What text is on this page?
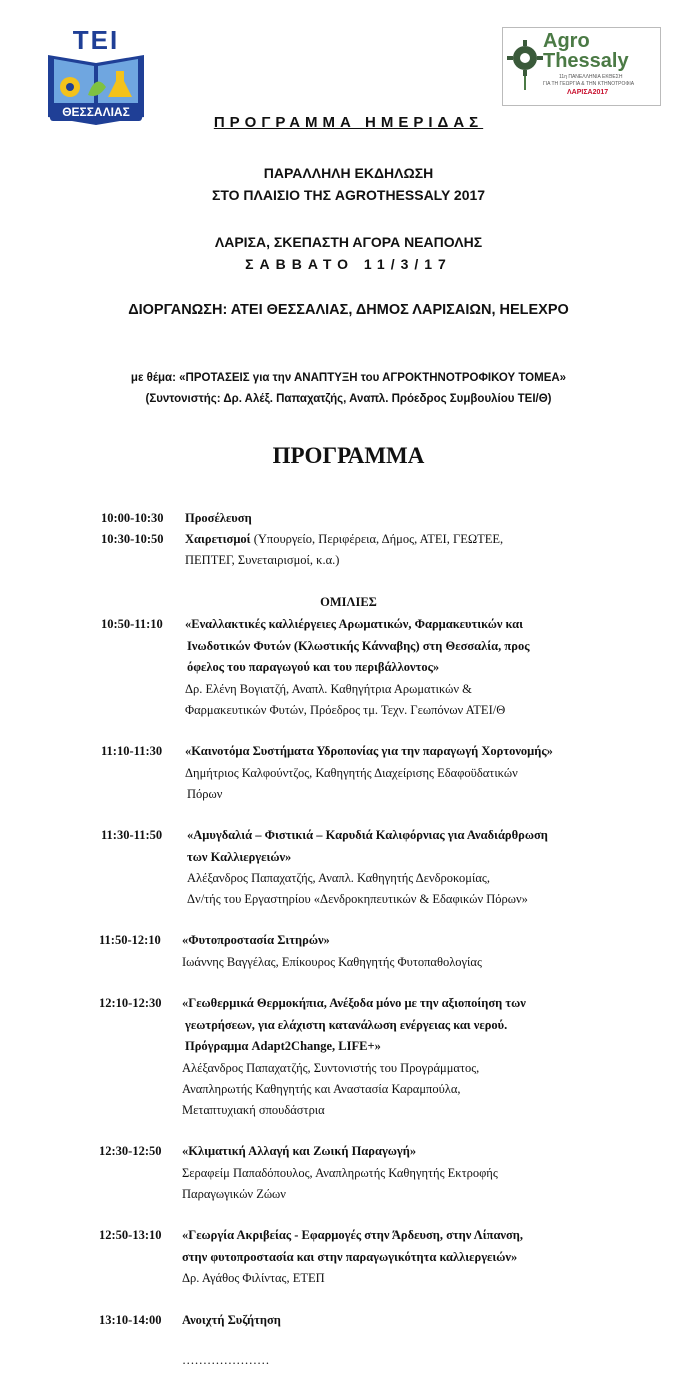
ΤΕΙ
ΘΕΣΣΑΛΙΑΣ
Agro
Thessaly
11η ΠΑΝΕΛΛΗΝΙΑ ΕΚΘΕΣΗ
ΓΙΑ ΤΗ ΓΕΩΡΓΙΑ & ΤΗΝ ΚΤΗΝΟΤΡΟΦΙΑ
ΛΑΡΙΣΑ2017
ΠΡΟΓΡΑΜΜΑ ΗΜΕΡΙΔΑΣ
ΠΑΡΑΛΛΗΛΗ ΕΚΔΗΛΩΣΗ
ΣΤΟ ΠΛΑΙΣΙΟ ΤΗΣ AGROTHESSALY 2017
ΛΑΡΙΣΑ, ΣΚΕΠΑΣΤΗ ΑΓΟΡΑ ΝΕΑΠΟΛΗΣ
ΣΑΒΒΑΤΟ 11/3/17
ΔΙΟΡΓΑΝΩΣΗ: ΑΤΕΙ ΘΕΣΣΑΛΙΑΣ, ΔΗΜΟΣ ΛΑΡΙΣΑΙΩΝ, HELEXPO
με θέμα: «ΠΡΟΤΑΣΕΙΣ για την ΑΝΑΠΤΥΞΗ του ΑΓΡΟΚΤΗΝΟΤΡΟΦΙΚΟΥ ΤΟΜΕΑ»
(Συντονιστής: Δρ. Αλέξ. Παπαχατζής, Αναπλ. Πρόεδρος Συμβουλίου ΤΕΙ/Θ)
ΠΡΟΓΡΑΜΜΑ
10:00-10:30 Προσέλευση
10:30-10:50 Χαιρετισμοί (Υπουργείο, Περιφέρεια, Δήμος, ΑΤΕΙ, ΓΕΩΤΕΕ,
ΠΕΠΤΕΓ, Συνεταιρισμοί, κ.α.)
ΟΜΙΛΙΕΣ
10:50-11:10 «Εναλλακτικές καλλιέργειες Αρωματικών, Φαρμακευτικών και
Ινωδοτικών Φυτών (Κλωστικής Κάνναβης) στη Θεσσαλία, προς
όφελος του παραγωγού και του περιβάλλοντος»
Δρ. Ελένη Βογιατζή, Αναπλ. Καθηγήτρια Αρωματικών &
Φαρμακευτικών Φυτών, Πρόεδρος τμ. Τεχν. Γεωπόνων ΑΤΕΙ/Θ
11:10-11:30 «Καινοτόμα Συστήματα Υδροπονίας για την παραγωγή Χορτονομής»
Δημήτριος Καλφούντζος, Καθηγητής Διαχείρισης Εδαφοϋδατικών
Πόρων
11:30-11:50 «Αμυγδαλιά – Φιστικιά – Καρυδιά Καλιφόρνιας για Αναδιάρθρωση
των Καλλιεργειών»
Αλέξανδρος Παπαχατζής, Αναπλ. Καθηγητής Δενδροκομίας,
Δν/τής του Εργαστηρίου «Δενδροκηπευτικών & Εδαφικών Πόρων»
11:50-12:10 «Φυτοπροστασία Σιτηρών»
Ιωάννης Βαγγέλας, Επίκουρος Καθηγητής Φυτοπαθολογίας
12:10-12:30 «Γεωθερμικά Θερμοκήπια, Ανέξοδα μόνο με την αξιοποίηση των
γεωτρήσεων, για ελάχιστη κατανάλωση ενέργειας και νερού.
Πρόγραμμα Adapt2Change, LIFE+»
Αλέξανδρος Παπαχατζής, Συντονιστής του Προγράμματος,
Αναπληρωτής Καθηγητής και Αναστασία Καραμπούλα,
Μεταπτυχιακή σπουδάστρια
12:30-12:50 «Κλιματική Αλλαγή και Ζωική Παραγωγή»
Σεραφείμ Παπαδόπουλος, Αναπληρωτής Καθηγητής Εκτροφής
Παραγωγικών Ζώων
12:50-13:10 «Γεωργία Ακριβείας - Εφαρμογές στην Άρδευση, στην Λίπανση,
στην φυτοπροστασία και στην παραγωγικότητα καλλιεργειών»
Δρ. Αγάθος Φιλίντας, ΕΤΕΠ
13:10-14:00 Ανοιχτή Συζήτηση
…………………
